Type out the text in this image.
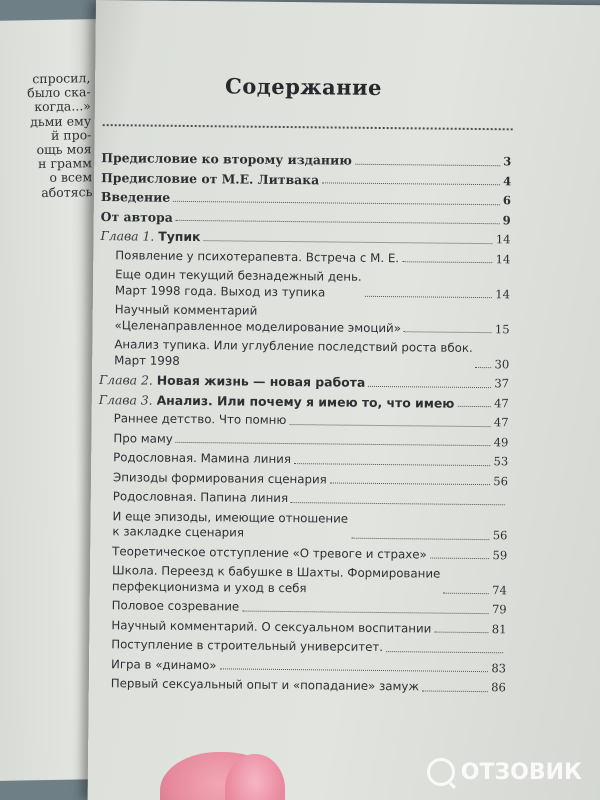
спросил,
было ска-
когда...»
дьми ему
й про-
ощь моя
н грамм
о всем
аботясь
Содержание
Предисловие ко второму изданию	3
Предисловие от М.Е. Литвака	4
Введение	6
От автора	9
Глава 1. Тупик	14
Появление у психотерапевта. Встреча с М. Е.	14
Еще один текущий безнадежный день.
Март 1998 года. Выход из тупика	14
Научный комментарий
«Целенаправленное моделирование эмоций»	15
Анализ тупика. Или углубление последствий роста вбок.
Март 1998	30
Глава 2. Новая жизнь — новая работа	37
Глава 3. Анализ. Или почему я имею то, что имею	47
Раннее детство. Что помню	47
Про маму	49
Родословная. Мамина линия	53
Эпизоды формирования сценария	56
Родословная. Папина линия
И еще эпизоды, имеющие отношение
к закладке сценария	56
Теоретическое отступление «О тревоге и страхе»	59
Школа. Переезд к бабушке в Шахты. Формирование
перфекционизма и уход в себя	74
Половое созревание	79
Научный комментарий. О сексуальном воспитании	81
Поступление в строительный университет.
Игра в «динамо»	83
Первый сексуальный опыт и «попадание» замуж	86
ОТЗОВИК
